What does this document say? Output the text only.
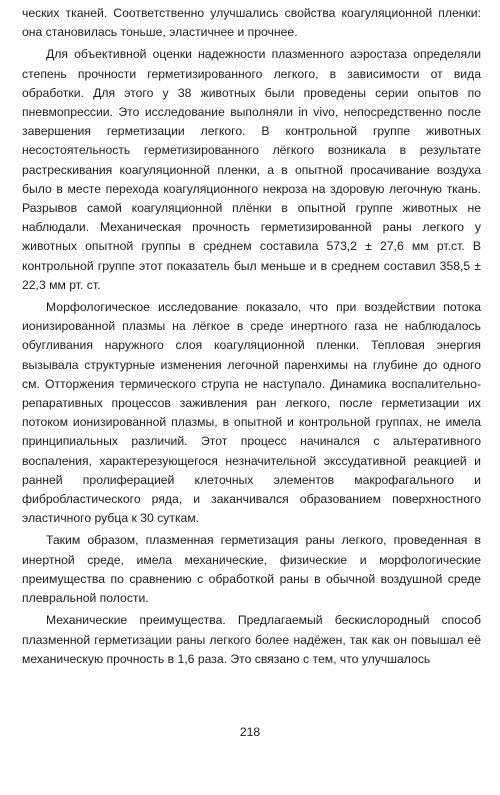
ческих тканей. Соответственно улучшались свойства коагуляционной пленки: она становилась тоньше, эластичнее и прочнее.

Для объективной оценки надежности плазменного аэростаза определяли степень прочности герметизированного легкого, в зависимости от вида обработки. Для этого у 38 животных были проведены серии опытов по пневмопрессии. Это исследование выполняли in vivo, непосредственно после завершения герметизации легкого. В контрольной группе животных несостоятельность герметизированного лёгкого возникала в результате растрескивания коагуляционной пленки, а в опытной просачивание воздуха было в месте перехода коагуляционного некроза на здоровую легочную ткань. Разрывов самой коагуляционной плёнки в опытной группе животных не наблюдали. Механическая прочность герметизированной раны легкого у животных опытной группы в среднем составила 573,2 ± 27,6 мм рт.ст. В контрольной группе этот показатель был меньше и в среднем составил 358,5 ± 22,3 мм рт. ст.

Морфологическое исследование показало, что при воздействии потока ионизированной плазмы на лёгкое в среде инертного газа не наблюдалось обугливания наружного слоя коагуляционной пленки. Тепловая энергия вызывала структурные изменения легочной паренхимы на глубине до одного см. Отторжения термического струпа не наступало. Динамика воспалительно-репаративных процессов заживления ран легкого, после герметизации их потоком ионизированной плазмы, в опытной и контрольной группах, не имела принципиальных различий. Этот процесс начинался с альтеративного воспаления, характерезующегося незначительной экссудативной реакцией и ранней пролиферацией клеточных элементов макрофагального и фибробластического ряда, и заканчивался образованием поверхностного эластичного рубца к 30 суткам.

Таким образом, плазменная герметизация раны легкого, проведенная в инертной среде, имела механические, физические и морфологические преимущества по сравнению с обработкой раны в обычной воздушной среде плевральной полости.

Механические преимущества. Предлагаемый бескислородный способ плазменной герметизации раны легкого более надёжен, так как он повышал её механическую прочность в 1,6 раза. Это связано с тем, что улучшалось

218
